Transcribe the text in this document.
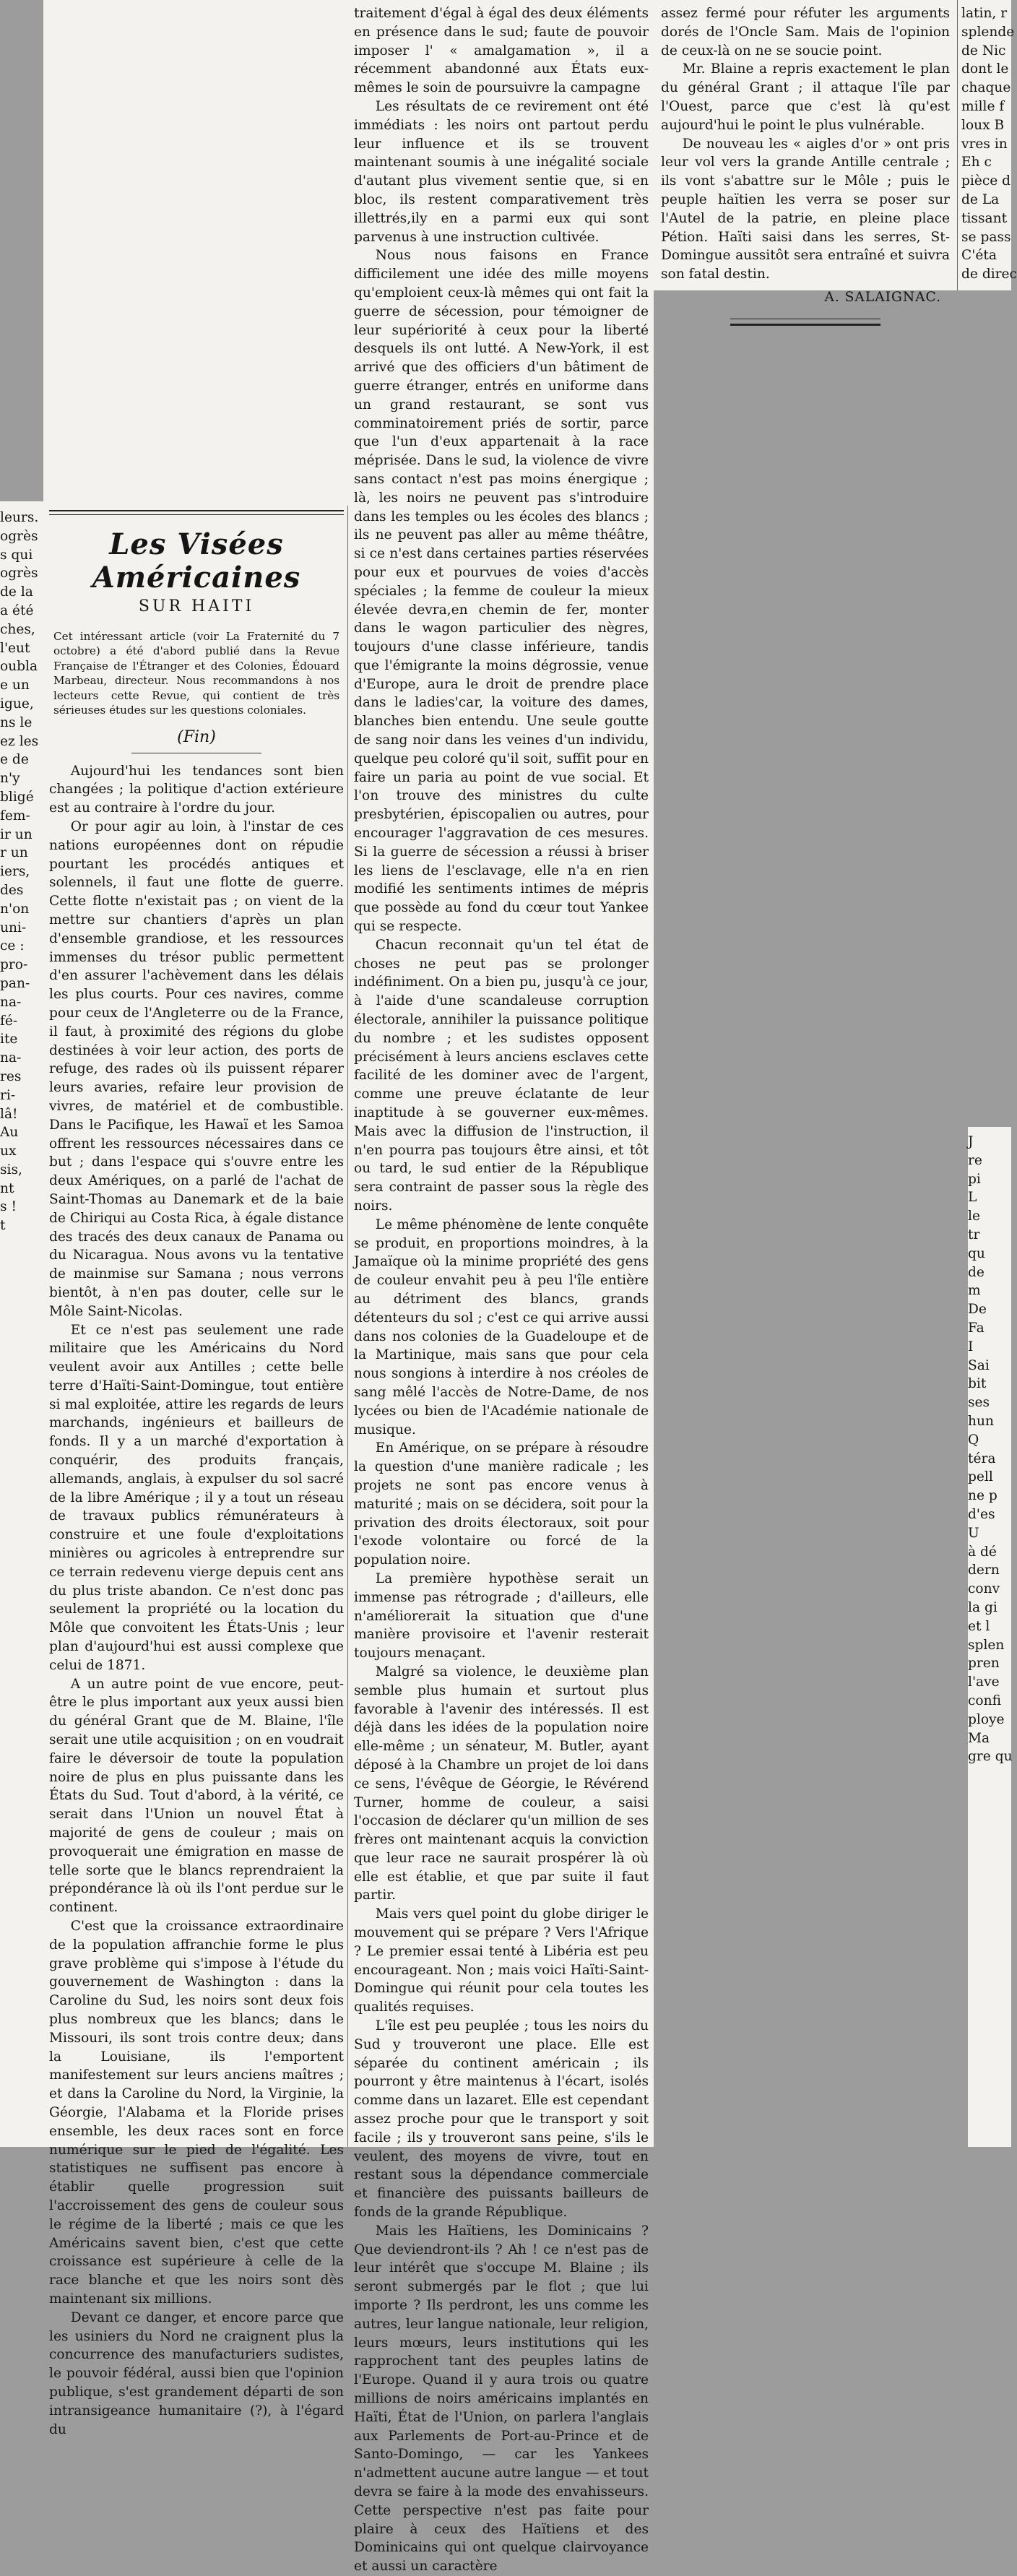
leurs.

ogrès

s qui

ogrès

de la

a été

ches,

l'eut

oubla

e un

igue,

ns le

ez les

e de

n'y

bligé

fem-

ir un

r un

iers,

des

n'on

uni-

ce :

pro-

pan-

na-

fé-

ite

na-

res

ri-

lâ!

Au

ux

sis,

nt

s !

t

Les Visées Américaines
SUR HAITI
Cet intéressant article (voir La Fraternité du 7 octobre) a été d'abord publié dans la Revue Française de l'Étranger et des Colonies, Édouard Marbeau, directeur. Nous recommandons à nos lecteurs cette Revue, qui contient de très sérieuses études sur les questions coloniales.
(Fin)

Aujourd'hui les tendances sont bien changées ; la politique d'action extérieure est au contraire à l'ordre du jour.

Or pour agir au loin, à l'instar de ces nations européennes dont on répudie pourtant les procédés antiques et solennels, il faut une flotte de guerre. Cette flotte n'existait pas ; on vient de la mettre sur chantiers d'après un plan d'ensemble grandiose, et les ressources immenses du trésor public permettent d'en assurer l'achèvement dans les délais les plus courts. Pour ces navires, comme pour ceux de l'Angleterre ou de la France, il faut, à proximité des régions du globe destinées à voir leur action, des ports de refuge, des rades où ils puissent réparer leurs avaries, refaire leur provision de vivres, de matériel et de combustible. Dans le Pacifique, les Hawaï et les Samoa offrent les ressources nécessaires dans ce but ; dans l'espace qui s'ouvre entre les deux Amériques, on a parlé de l'achat de Saint-Thomas au Danemark et de la baie de Chiriqui au Costa Rica, à égale distance des tracés des deux canaux de Panama ou du Nicaragua. Nous avons vu la tentative de mainmise sur Samana ; nous verrons bientôt, à n'en pas douter, celle sur le Môle Saint-Nicolas.

Et ce n'est pas seulement une rade militaire que les Américains du Nord veulent avoir aux Antilles ; cette belle terre d'Haïti-Saint-Domingue, tout entière si mal exploitée, attire les regards de leurs marchands, ingénieurs et bailleurs de fonds. Il y a un marché d'exportation à conquérir, des produits français, allemands, anglais, à expulser du sol sacré de la libre Amérique ; il y a tout un réseau de travaux publics rémunérateurs à construire et une foule d'exploitations minières ou agricoles à entreprendre sur ce terrain redevenu vierge depuis cent ans du plus triste abandon. Ce n'est donc pas seulement la propriété ou la location du Môle que convoitent les États-Unis ; leur plan d'aujourd'hui est aussi complexe que celui de 1871.

A un autre point de vue encore, peut-être le plus important aux yeux aussi bien du général Grant que de M. Blaine, l'île serait une utile acquisition ; on en voudrait faire le déversoir de toute la population noire de plus en plus puissante dans les États du Sud. Tout d'abord, à la vérité, ce serait dans l'Union un nouvel État à majorité de gens de couleur ; mais on provoquerait une émigration en masse de telle sorte que le blancs reprendraient la prépondérance là où ils l'ont perdue sur le continent.

C'est que la croissance extraordinaire de la population affranchie forme le plus grave problème qui s'impose à l'étude du gouvernement de Washington : dans la Caroline du Sud, les noirs sont deux fois plus nombreux que les blancs; dans le Missouri, ils sont trois contre deux; dans la Louisiane, ils l'emportent manifestement sur leurs anciens maîtres ; et dans la Caroline du Nord, la Virginie, la Géorgie, l'Alabama et la Floride prises ensemble, les deux races sont en force numérique sur le pied de l'égalité. Les statistiques ne suffisent pas encore à établir quelle progression suit l'accroissement des gens de couleur sous le régime de la liberté ; mais ce que les Américains savent bien, c'est que cette croissance est supérieure à celle de la race blanche et que les noirs sont dès maintenant six millions.

Devant ce danger, et encore parce que les usiniers du Nord ne craignent plus la concurrence des manufacturiers sudistes, le pouvoir fédéral, aussi bien que l'opinion publique, s'est grandement départi de son intransigeance humanitaire (?), à l'égard du

traitement d'égal à égal des deux éléments en présence dans le sud; faute de pouvoir imposer l' « amalgamation », il a récemment abandonné aux États eux-mêmes le soin de poursuivre la campagne

Les résultats de ce revirement ont été immédiats : les noirs ont partout perdu leur influence et ils se trouvent maintenant soumis à une inégalité sociale d'autant plus vivement sentie que, si en bloc, ils restent comparativement très illettrés,ily en a parmi eux qui sont parvenus à une instruction cultivée.

Nous nous faisons en France difficilement une idée des mille moyens qu'emploient ceux-là mêmes qui ont fait la guerre de sécession, pour témoigner de leur supériorité à ceux pour la liberté desquels ils ont lutté. A New-York, il est arrivé que des officiers d'un bâtiment de guerre étranger, entrés en uniforme dans un grand restaurant, se sont vus comminatoirement priés de sortir, parce que l'un d'eux appartenait à la race méprisée. Dans le sud, la violence de vivre sans contact n'est pas moins énergique ; là, les noirs ne peuvent pas s'introduire dans les temples ou les écoles des blancs ; ils ne peuvent pas aller au même théâtre, si ce n'est dans certaines parties réservées pour eux et pourvues de voies d'accès spéciales ; la femme de couleur la mieux élevée devra,en chemin de fer, monter dans le wagon particulier des nègres, toujours d'une classe inférieure, tandis que l'émigrante la moins dégrossie, venue d'Europe, aura le droit de prendre place dans le ladies'car, la voiture des dames, blanches bien entendu. Une seule goutte de sang noir dans les veines d'un individu, quelque peu coloré qu'il soit, suffit pour en faire un paria au point de vue social. Et l'on trouve des ministres du culte presbytérien, épiscopalien ou autres, pour encourager l'aggravation de ces mesures. Si la guerre de sécession a réussi à briser les liens de l'esclavage, elle n'a en rien modifié les sentiments intimes de mépris que possède au fond du cœur tout Yankee qui se respecte.

Chacun reconnait qu'un tel état de choses ne peut pas se prolonger indéfiniment. On a bien pu, jusqu'à ce jour, à l'aide d'une scandaleuse corruption électorale, annihiler la puissance politique du nombre ; et les sudistes opposent précisément à leurs anciens esclaves cette facilité de les dominer avec de l'argent, comme une preuve éclatante de leur inaptitude à se gouverner eux-mêmes. Mais avec la diffusion de l'instruction, il n'en pourra pas toujours être ainsi, et tôt ou tard, le sud entier de la République sera contraint de passer sous la règle des noirs.

Le même phénomène de lente conquête se produit, en proportions moindres, à la Jamaïque où la minime propriété des gens de couleur envahit peu à peu l'île entière au détriment des blancs, grands détenteurs du sol ; c'est ce qui arrive aussi dans nos colonies de la Guadeloupe et de la Martinique, mais sans que pour cela nous songions à interdire à nos créoles de sang mêlé l'accès de Notre-Dame, de nos lycées ou bien de l'Académie nationale de musique.

En Amérique, on se prépare à résoudre la question d'une manière radicale ; les projets ne sont pas encore venus à maturité ; mais on se décidera, soit pour la privation des droits électoraux, soit pour l'exode volontaire ou forcé de la population noire.

La première hypothèse serait un immense pas rétrograde ; d'ailleurs, elle n'améliorerait la situation que d'une manière provisoire et l'avenir resterait toujours menaçant.

Malgré sa violence, le deuxième plan semble plus humain et surtout plus favorable à l'avenir des intéressés. Il est déjà dans les idées de la population noire elle-même ; un sénateur, M. Butler, ayant déposé à la Chambre un projet de loi dans ce sens, l'évêque de Géorgie, le Révérend Turner, homme de couleur, a saisi l'occasion de déclarer qu'un million de ses frères ont maintenant acquis la conviction que leur race ne saurait prospérer là où elle est établie, et que par suite il faut partir.

Mais vers quel point du globe diriger le mouvement qui se prépare ? Vers l'Afrique ? Le premier essai tenté à Libéria est peu encourageant. Non ; mais voici Haïti-Saint-Domingue qui réunit pour cela toutes les qualités requises.

L'île est peu peuplée ; tous les noirs du Sud y trouveront une place. Elle est séparée du continent américain ; ils pourront y être maintenus à l'écart, isolés comme dans un lazaret. Elle est cependant assez proche pour que le transport y soit facile ; ils y trouveront sans peine, s'ils le veulent, des moyens de vivre, tout en restant sous la dépendance commerciale et financière des puissants bailleurs de fonds de la grande République.

Mais les Haïtiens, les Dominicains ? Que deviendront-ils ? Ah ! ce n'est pas de leur intérêt que s'occupe M. Blaine ; ils seront submergés par le flot ; que lui importe ? Ils perdront, les uns comme les autres, leur langue nationale, leur religion, leurs mœurs, leurs institutions qui les rapprochent tant des peuples latins de l'Europe. Quand il y aura trois ou quatre millions de noirs américains implantés en Haïti, État de l'Union, on parlera l'anglais aux Parlements de Port-au-Prince et de Santo-Domingo, — car les Yankees n'admettent aucune autre langue — et tout devra se faire à la mode des envahisseurs. Cette perspective n'est pas faite pour plaire à ceux des Haïtiens et des Dominicains qui ont quelque clairvoyance et aussi un caractère

assez fermé pour réfuter les arguments dorés de l'Oncle Sam. Mais de l'opinion de ceux-là on ne se soucie point.

Mr. Blaine a repris exactement le plan du général Grant ; il attaque l'île par l'Ouest, parce que c'est là qu'est aujourd'hui le point le plus vulnérable.

De nouveau les « aigles d'or » ont pris leur vol vers la grande Antille centrale ; ils vont s'abattre sur le Môle ; puis le peuple haïtien les verra se poser sur l'Autel de la patrie, en pleine place Pétion. Haïti saisi dans les serres, St-Domingue aussitôt sera entraîné et suivra son fatal destin.

A. SALAIGNAC.

latin, r

splende

de Nic

dont le

chaque

mille f

loux B

vres in

Eh c

pièce d

de La

tissant

se pass

C'éta

de direc

J

re

pi

L

le

tr

qu

de

m

De

Fa

I

Sai

bit

ses

hun

Q

téra

pell

ne p

d'es

U

à dé

dern

conv

la gi

et l

splen

pren

l'ave

confi

ploye

Ma

gre qu
